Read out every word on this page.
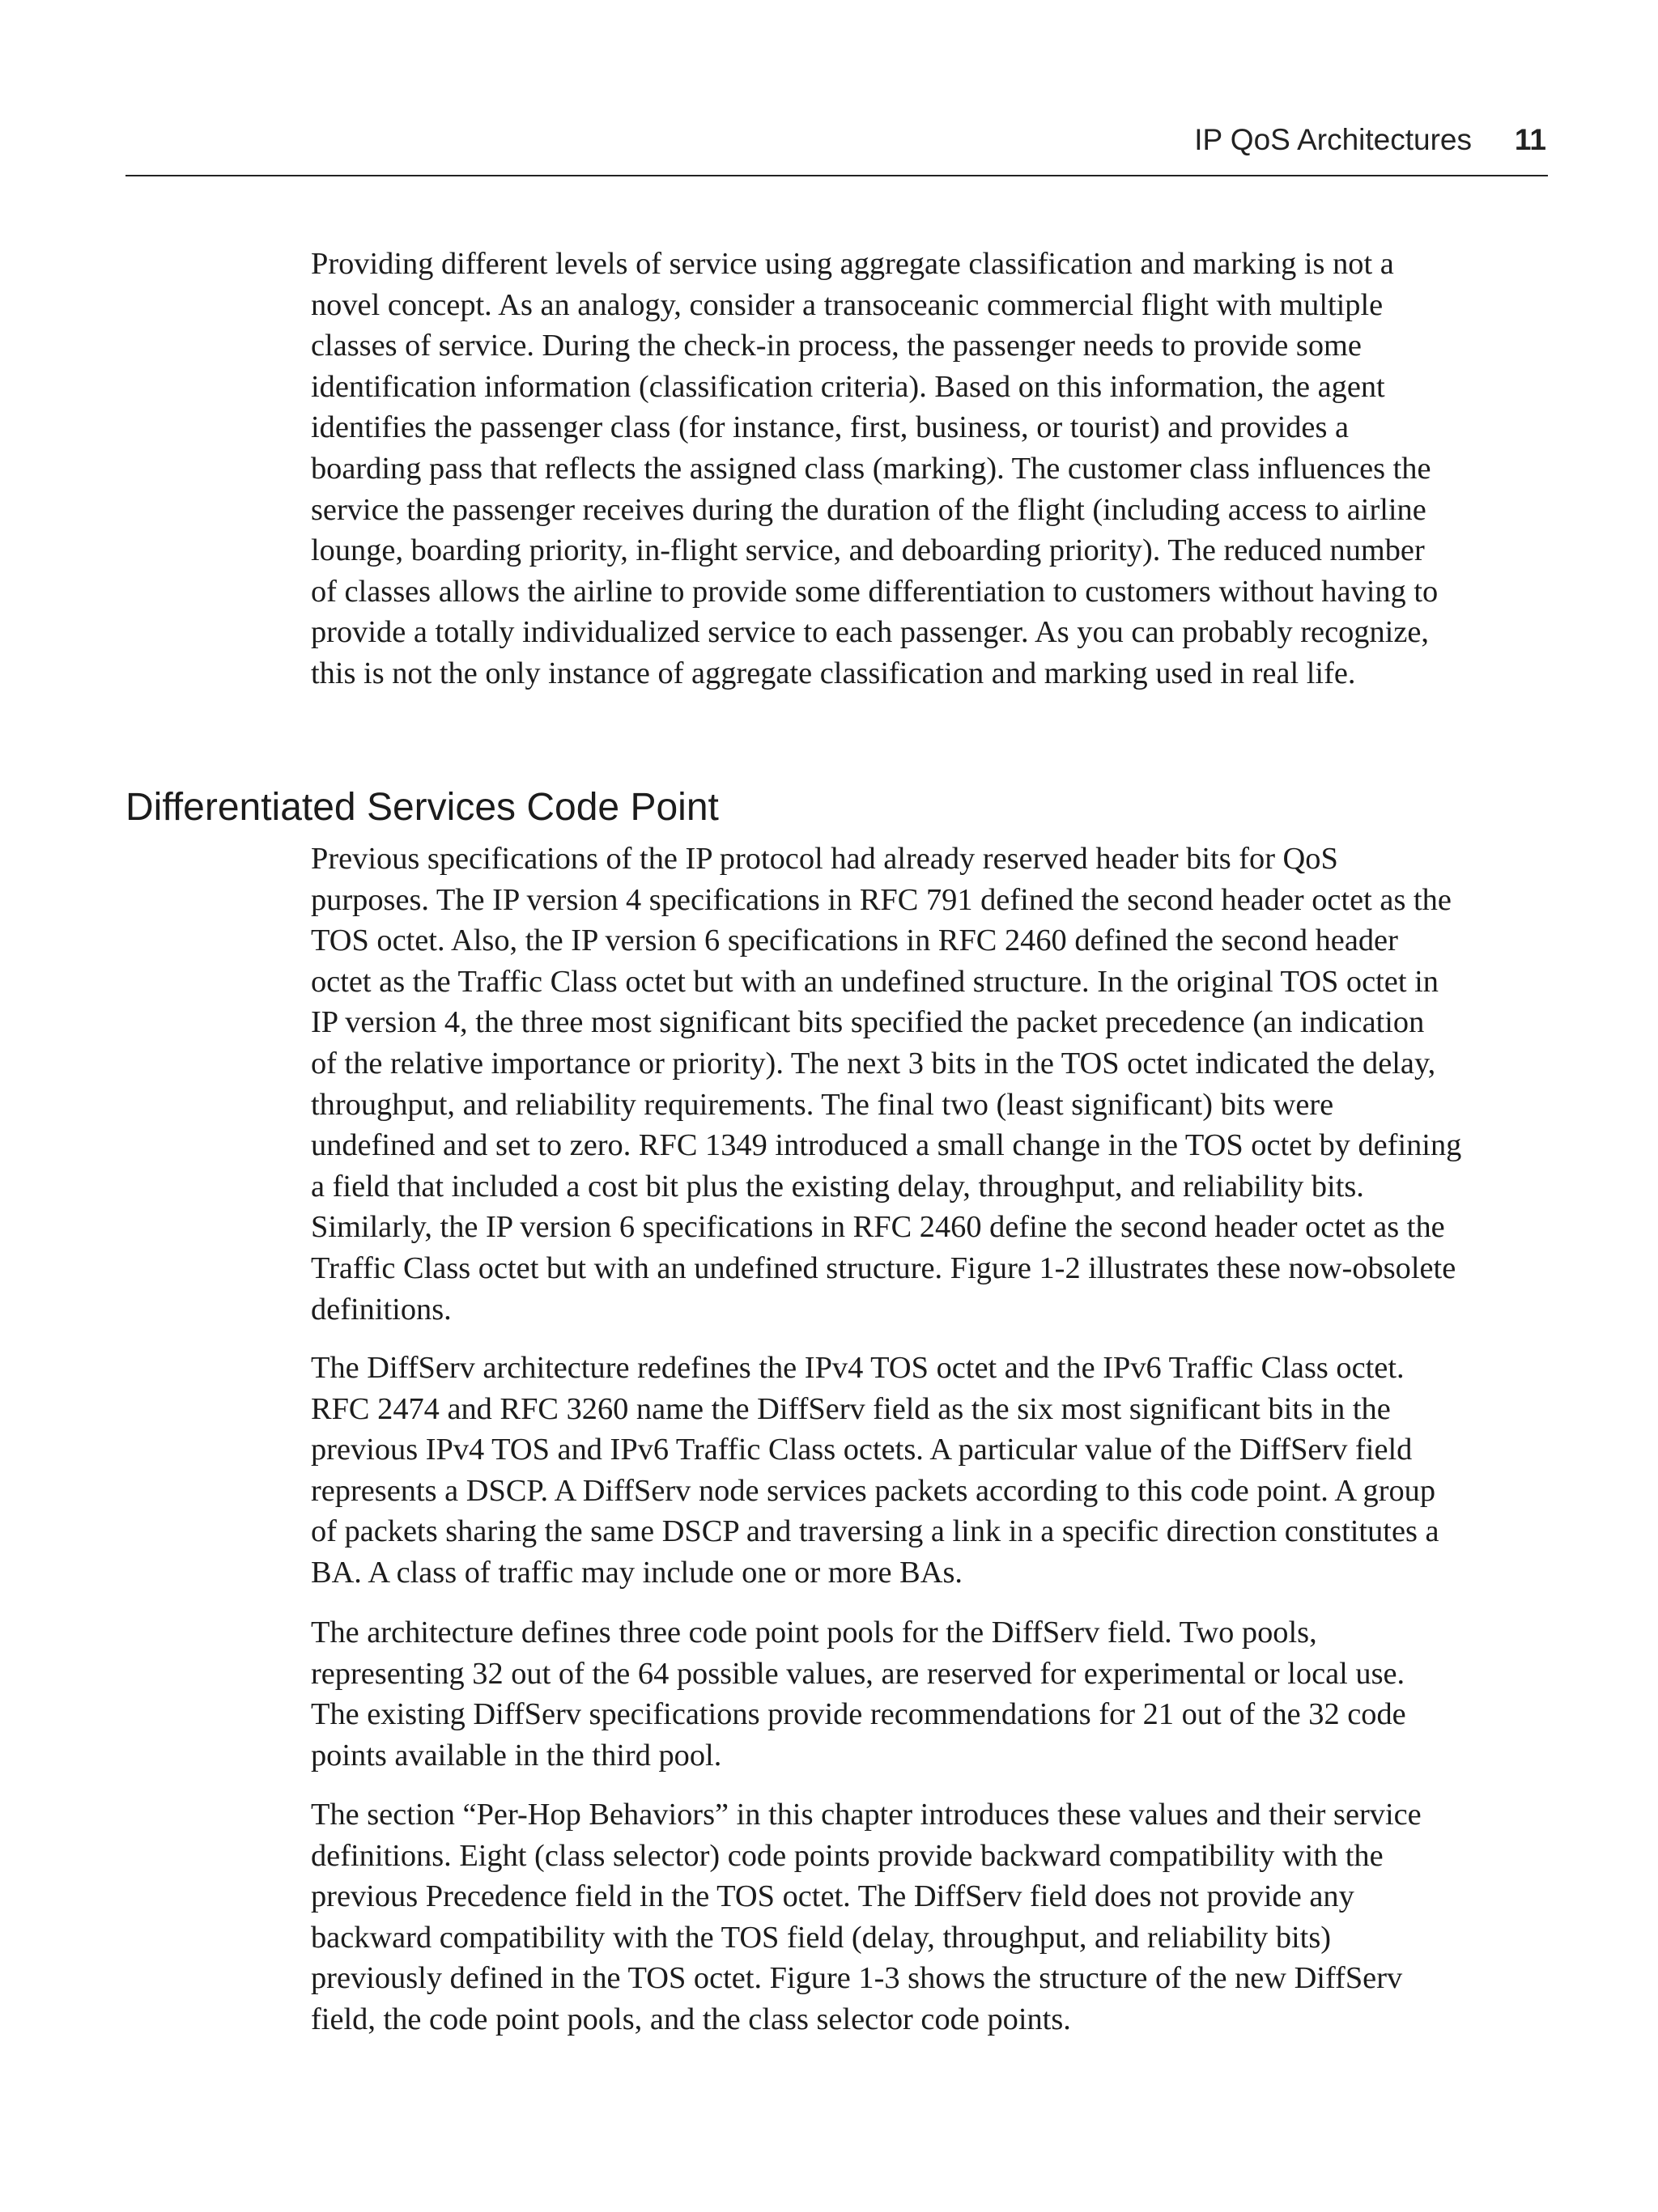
IP QoS Architectures 11

Providing different levels of service using aggregate classification and marking is not a
novel concept. As an analogy, consider a transoceanic commercial flight with multiple
classes of service. During the check-in process, the passenger needs to provide some
identification information (classification criteria). Based on this information, the agent
identifies the passenger class (for instance, first, business, or tourist) and provides a
boarding pass that reflects the assigned class (marking). The customer class influences the
service the passenger receives during the duration of the flight (including access to airline
lounge, boarding priority, in-flight service, and deboarding priority). The reduced number
of classes allows the airline to provide some differentiation to customers without having to
provide a totally individualized service to each passenger. As you can probably recognize,
this is not the only instance of aggregate classification and marking used in real life.

Differentiated Services Code Point

Previous specifications of the IP protocol had already reserved header bits for QoS
purposes. The IP version 4 specifications in RFC 791 defined the second header octet as the
TOS octet. Also, the IP version 6 specifications in RFC 2460 defined the second header
octet as the Traffic Class octet but with an undefined structure. In the original TOS octet in
IP version 4, the three most significant bits specified the packet precedence (an indication
of the relative importance or priority). The next 3 bits in the TOS octet indicated the delay,
throughput, and reliability requirements. The final two (least significant) bits were
undefined and set to zero. RFC 1349 introduced a small change in the TOS octet by defining
a field that included a cost bit plus the existing delay, throughput, and reliability bits.
Similarly, the IP version 6 specifications in RFC 2460 define the second header octet as the
Traffic Class octet but with an undefined structure. Figure 1-2 illustrates these now-obsolete
definitions.

The DiffServ architecture redefines the IPv4 TOS octet and the IPv6 Traffic Class octet.
RFC 2474 and RFC 3260 name the DiffServ field as the six most significant bits in the
previous IPv4 TOS and IPv6 Traffic Class octets. A particular value of the DiffServ field
represents a DSCP. A DiffServ node services packets according to this code point. A group
of packets sharing the same DSCP and traversing a link in a specific direction constitutes a
BA. A class of traffic may include one or more BAs.

The architecture defines three code point pools for the DiffServ field. Two pools,
representing 32 out of the 64 possible values, are reserved for experimental or local use.
The existing DiffServ specifications provide recommendations for 21 out of the 32 code
points available in the third pool.

The section “Per-Hop Behaviors” in this chapter introduces these values and their service
definitions. Eight (class selector) code points provide backward compatibility with the
previous Precedence field in the TOS octet. The DiffServ field does not provide any
backward compatibility with the TOS field (delay, throughput, and reliability bits)
previously defined in the TOS octet. Figure 1-3 shows the structure of the new DiffServ
field, the code point pools, and the class selector code points.
